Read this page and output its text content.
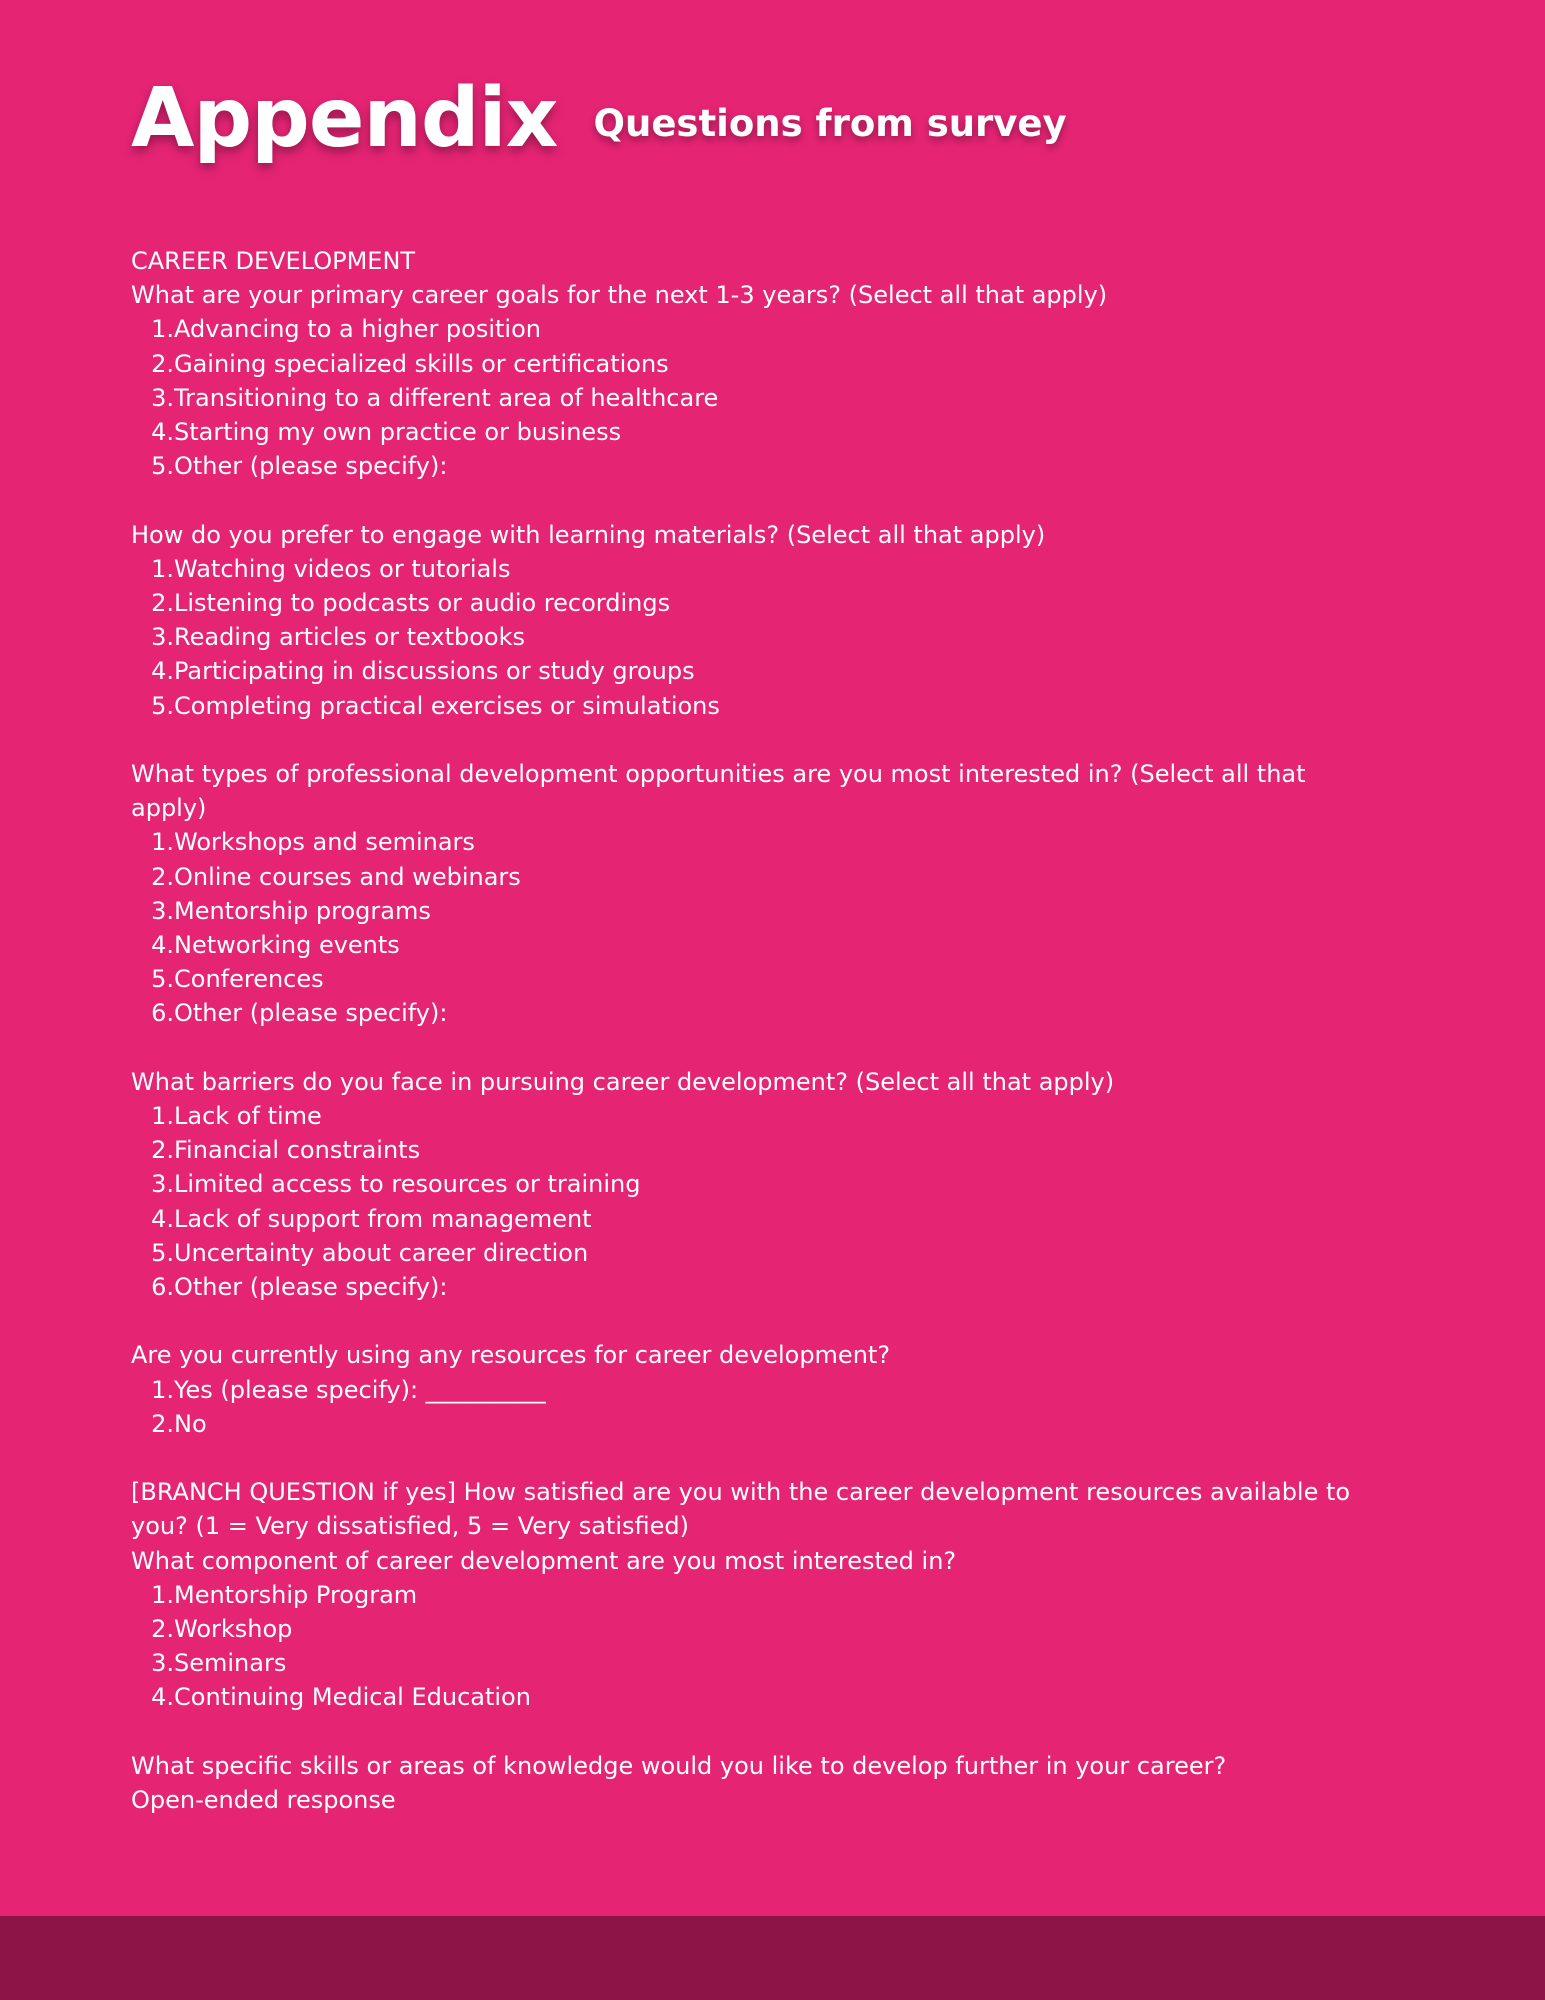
Appendix Questions from survey

CAREER DEVELOPMENT

What are your primary career goals for the next 1-3 years? (Select all that apply)

1. Advancing to a higher position
2. Gaining specialized skills or certifications
3. Transitioning to a different area of healthcare
4. Starting my own practice or business
5. Other (please specify):

How do you prefer to engage with learning materials? (Select all that apply)

1. Watching videos or tutorials
2. Listening to podcasts or audio recordings
3. Reading articles or textbooks
4. Participating in discussions or study groups
5. Completing practical exercises or simulations

What types of professional development opportunities are you most interested in? (Select all that apply)

1. Workshops and seminars
2. Online courses and webinars
3. Mentorship programs
4. Networking events
5. Conferences
6. Other (please specify):

What barriers do you face in pursuing career development? (Select all that apply)

1. Lack of time
2. Financial constraints
3. Limited access to resources or training
4. Lack of support from management
5. Uncertainty about career direction
6. Other (please specify):

Are you currently using any resources for career development?

1. Yes (please specify): __________
2. No

[BRANCH QUESTION if yes] How satisfied are you with the career development resources available to you? (1 = Very dissatisfied, 5 = Very satisfied)

What component of career development are you most interested in?

1. Mentorship Program
2. Workshop
3. Seminars
4. Continuing Medical Education

What specific skills or areas of knowledge would you like to develop further in your career?

Open-ended response
